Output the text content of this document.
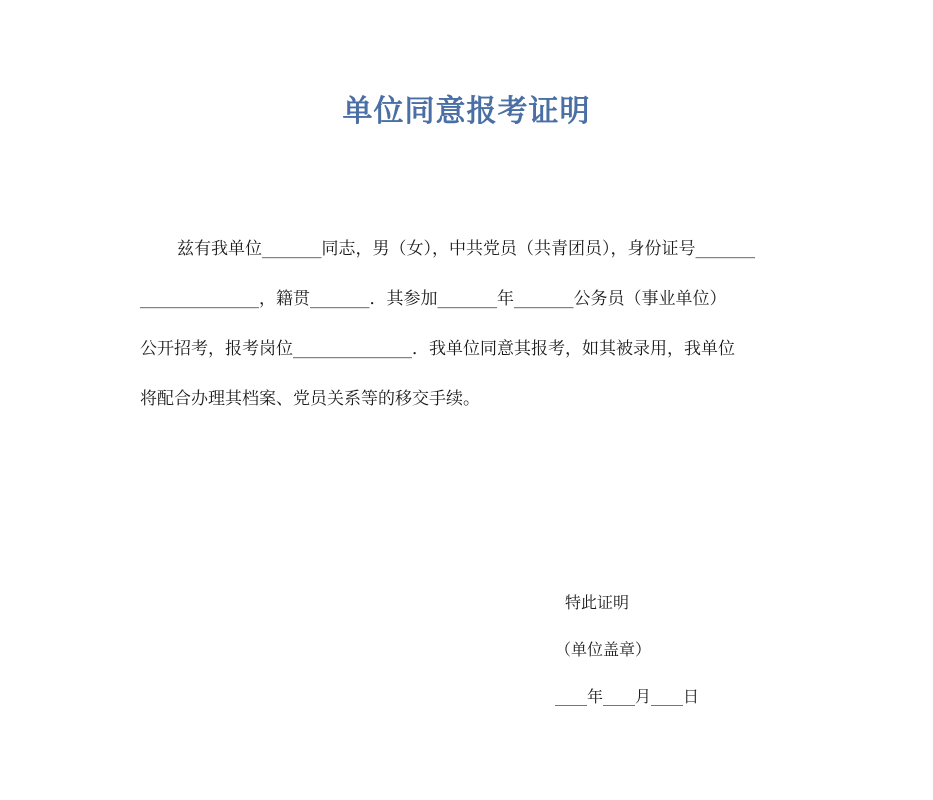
单位同意报考证明
兹有我单位_______同志，男（女），中共党员（共青团员），身份证号_______
______________，籍贯_______．其参加_______年_______公务员（事业单位）
公开招考，报考岗位______________．我单位同意其报考，如其被录用，我单位
将配合办理其档案、党员关系等的移交手续。
特此证明
（单位盖章）
____年____月____日
